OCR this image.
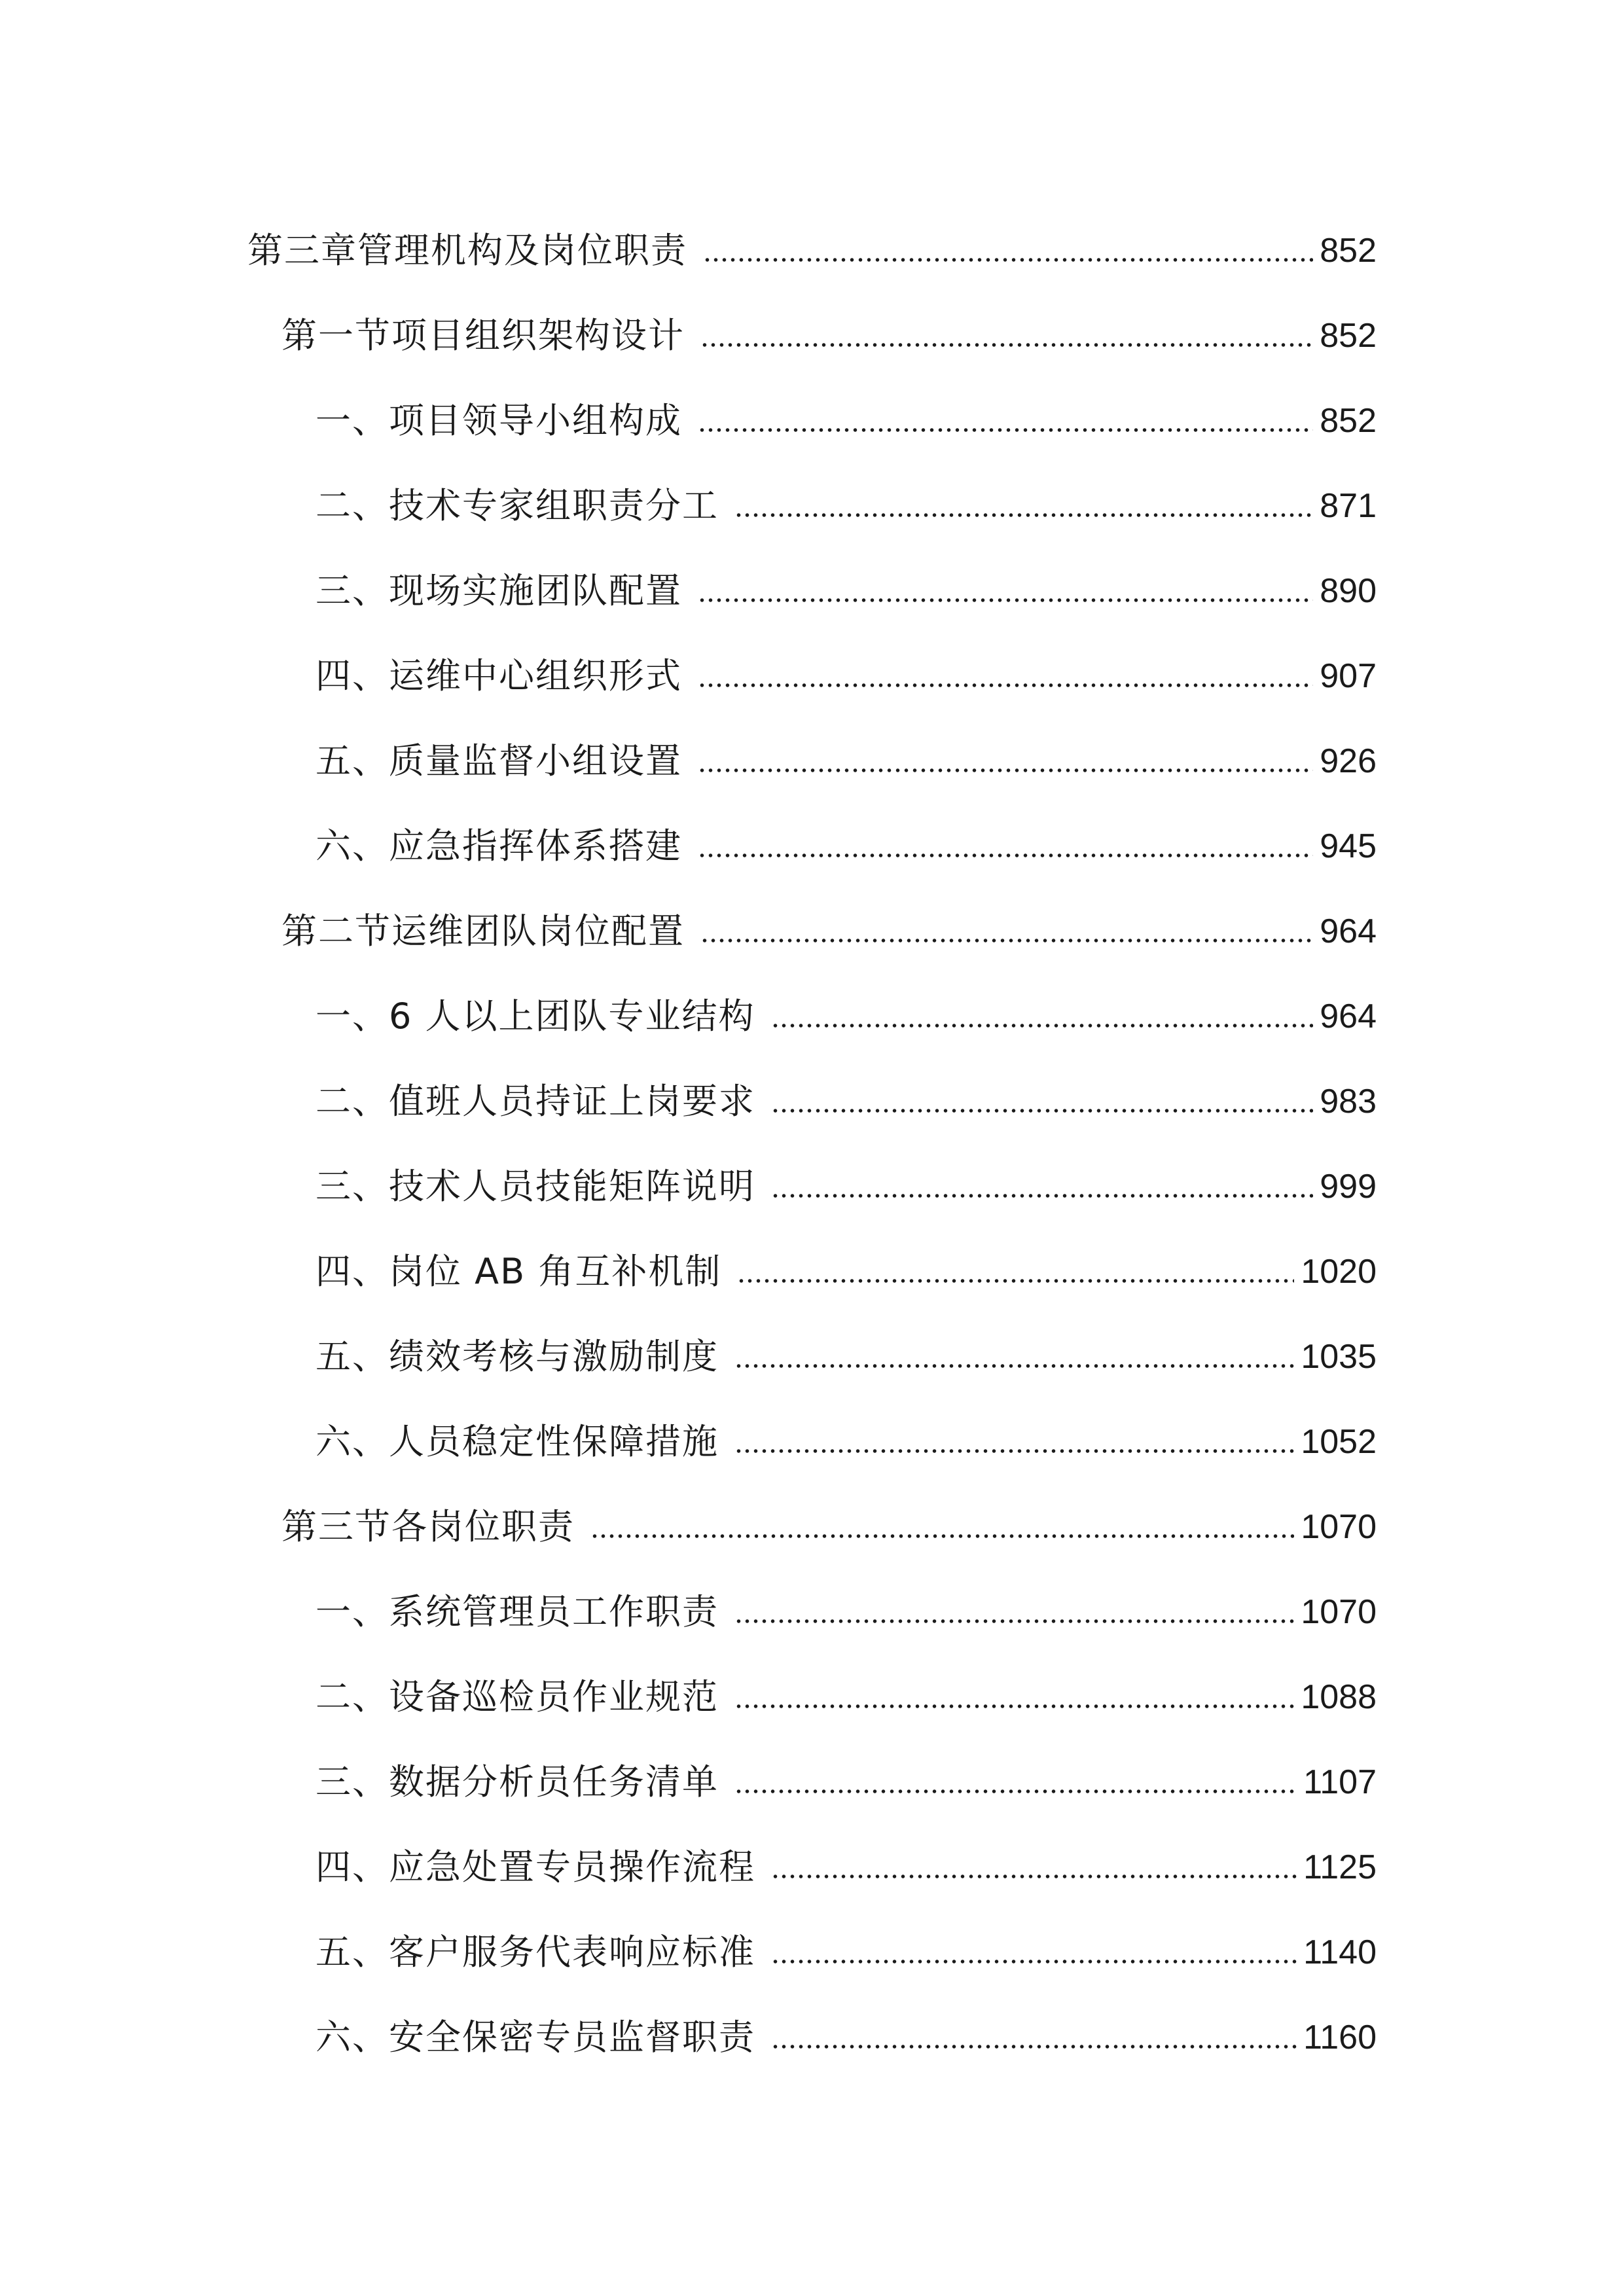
第三章管理机构及岗位职责	852
第一节项目组织架构设计	852
一、项目领导小组构成	852
二、技术专家组职责分工	871
三、现场实施团队配置	890
四、运维中心组织形式	907
五、质量监督小组设置	926
六、应急指挥体系搭建	945
第二节运维团队岗位配置	964
一、6 人以上团队专业结构	964
二、值班人员持证上岗要求	983
三、技术人员技能矩阵说明	999
四、岗位 AB 角互补机制	1020
五、绩效考核与激励制度	1035
六、人员稳定性保障措施	1052
第三节各岗位职责	1070
一、系统管理员工作职责	1070
二、设备巡检员作业规范	1088
三、数据分析员任务清单	1107
四、应急处置专员操作流程	1125
五、客户服务代表响应标准	1140
六、安全保密专员监督职责	1160
